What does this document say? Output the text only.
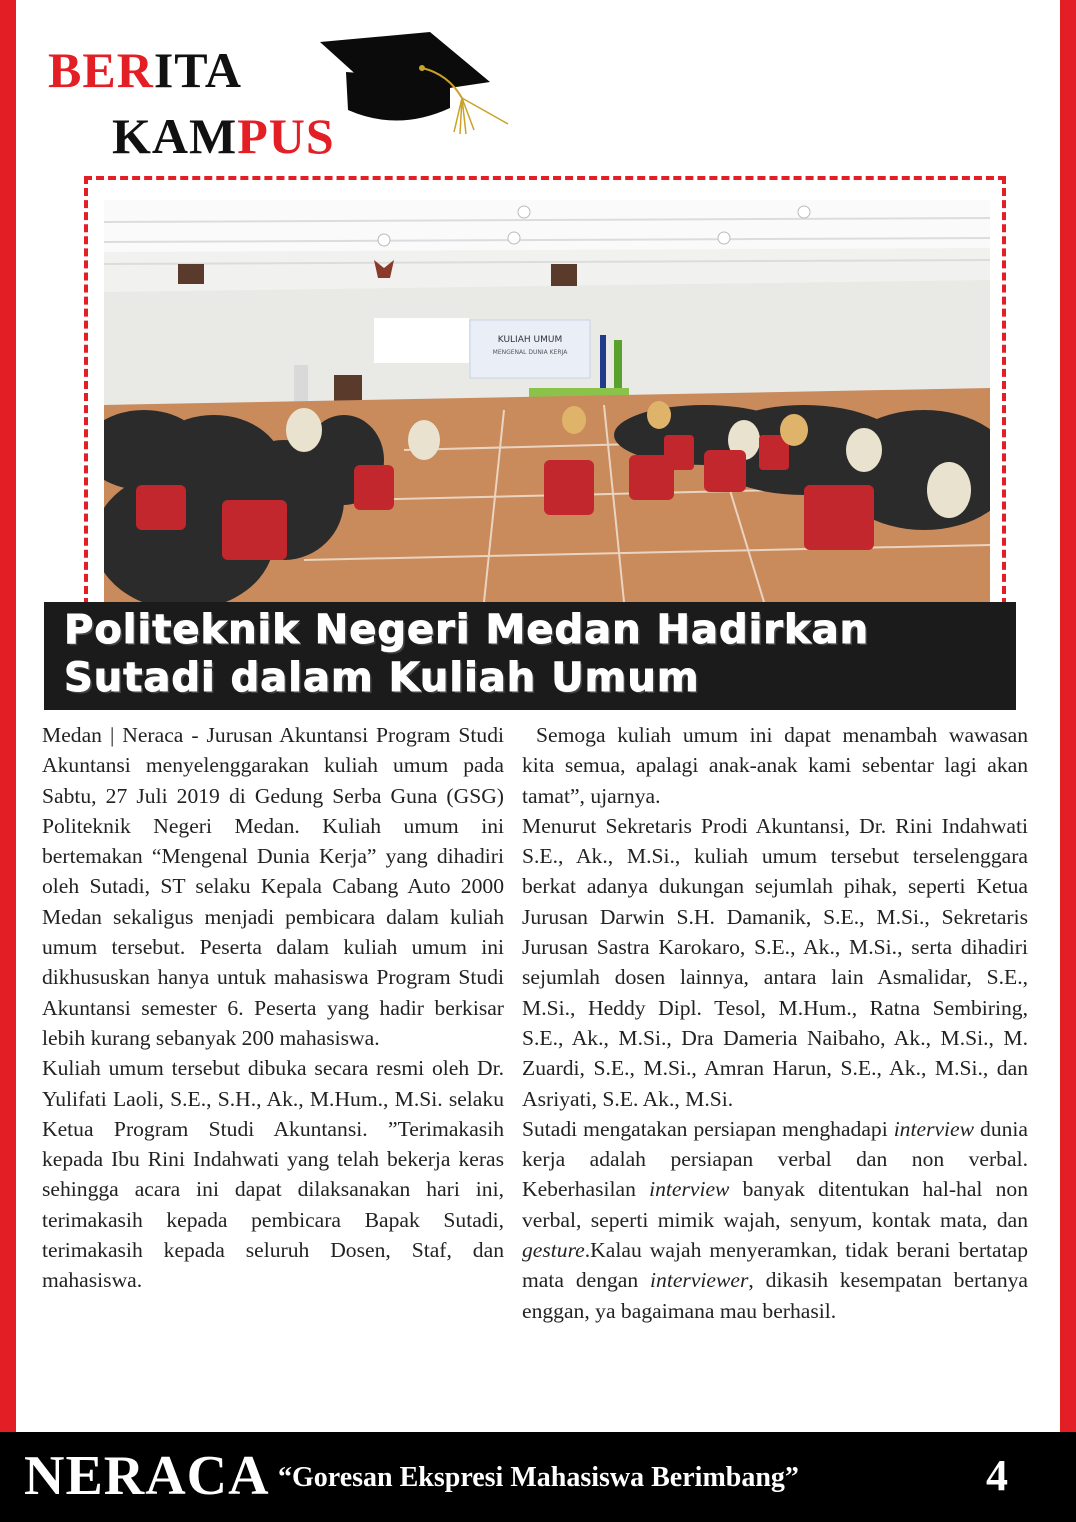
BERITA
KAMPUS
KULIAH UMUM
MENGENAL DUNIA KERJA
Politeknik Negeri Medan Hadirkan
Sutadi dalam Kuliah Umum

Medan | Neraca - Jurusan Akuntansi Program Studi Akuntansi menyelenggarakan kuliah umum pada Sabtu, 27 Juli 2019 di Gedung Serba Guna (GSG) Politeknik Negeri Medan. Kuliah umum ini bertemakan “Mengenal Dunia Kerja” yang dihadiri oleh Sutadi, ST selaku Kepala Cabang Auto 2000 Medan sekaligus menjadi pembicara dalam kuliah umum tersebut. Peserta dalam kuliah umum ini dikhususkan hanya untuk mahasiswa Program Studi Akuntansi semester 6. Peserta yang hadir berkisar lebih kurang sebanyak 200 mahasiswa.

Kuliah umum tersebut dibuka secara resmi oleh Dr. Yulifati Laoli, S.E., S.H., Ak., M.Hum., M.Si. selaku Ketua Program Studi Akuntansi. ”Terimakasih kepada Ibu Rini Indahwati yang telah bekerja keras sehingga acara ini dapat dilaksanakan hari ini, terimakasih kepada pembicara Bapak Sutadi, terimakasih kepada seluruh Dosen, Staf, dan mahasiswa.

Semoga kuliah umum ini dapat menambah wawasan kita semua, apalagi anak-anak kami sebentar lagi akan tamat”, ujarnya.

Menurut Sekretaris Prodi Akuntansi, Dr. Rini Indahwati S.E., Ak., M.Si., kuliah umum tersebut terselenggara berkat adanya dukungan sejumlah pihak, seperti Ketua Jurusan Darwin S.H. Damanik, S.E., M.Si., Sekretaris Jurusan Sastra Karokaro, S.E., Ak., M.Si., serta dihadiri sejumlah dosen lainnya, antara lain Asmalidar, S.E., M.Si., Heddy Dipl. Tesol, M.Hum., Ratna Sembiring, S.E., Ak., M.Si., Dra Dameria Naibaho, Ak., M.Si., M. Zuardi, S.E., M.Si., Amran Harun, S.E., Ak., M.Si., dan Asriyati, S.E. Ak., M.Si.

Sutadi mengatakan persiapan menghadapi interview dunia kerja adalah persiapan verbal dan non verbal. Keberhasilan interview banyak ditentukan hal-hal non verbal, seperti mimik wajah, senyum, kontak mata, dan gesture.Kalau wajah menyeramkan, tidak berani bertatap mata dengan interviewer, dikasih kesempatan bertanya enggan, ya bagaimana mau berhasil.

NERACA “Goresan Ekspresi Mahasiswa Berimbang”	4
